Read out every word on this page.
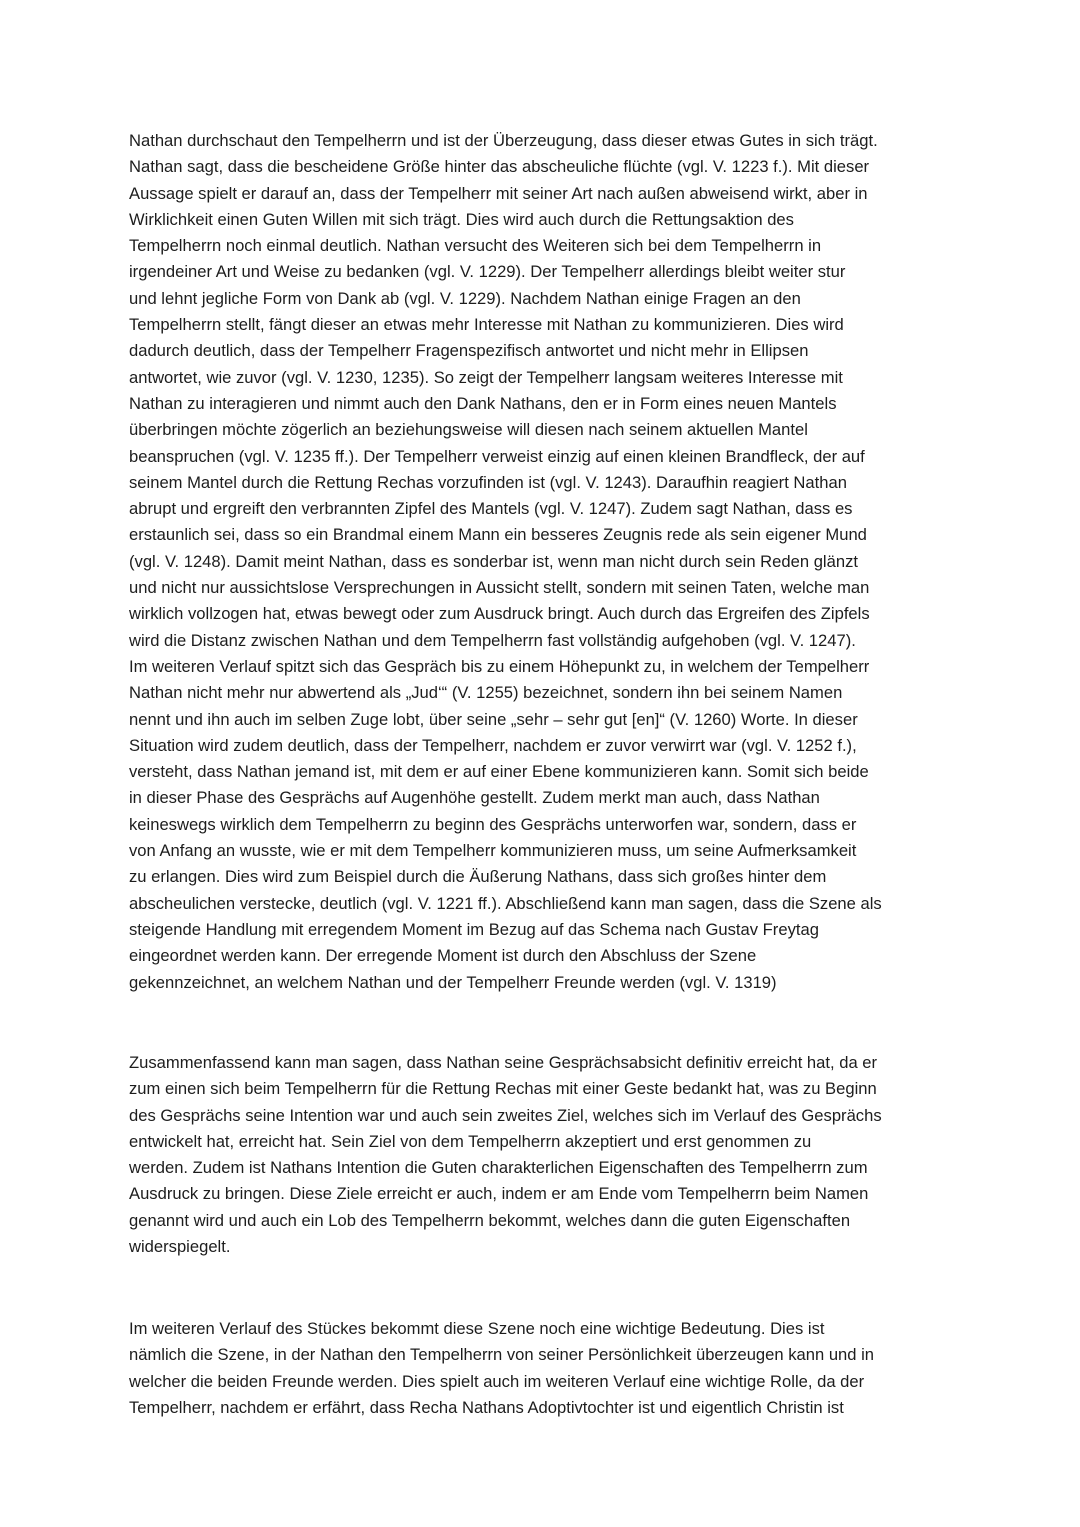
Nathan durchschaut den Tempelherrn und ist der Überzeugung, dass dieser etwas Gutes in sich trägt.
Nathan sagt, dass die bescheidene Größe hinter das abscheuliche flüchte (vgl. V. 1223 f.). Mit dieser
Aussage spielt er darauf an, dass der Tempelherr mit seiner Art nach außen abweisend wirkt, aber in
Wirklichkeit einen Guten Willen mit sich trägt. Dies wird auch durch die Rettungsaktion des
Tempelherrn noch einmal deutlich. Nathan versucht des Weiteren sich bei dem Tempelherrn in
irgendeiner Art und Weise zu bedanken (vgl. V. 1229). Der Tempelherr allerdings bleibt weiter stur
und lehnt jegliche Form von Dank ab (vgl. V. 1229). Nachdem Nathan einige Fragen an den
Tempelherrn stellt, fängt dieser an etwas mehr Interesse mit Nathan zu kommunizieren. Dies wird
dadurch deutlich, dass der Tempelherr Fragenspezifisch antwortet und nicht mehr in Ellipsen
antwortet, wie zuvor (vgl. V. 1230, 1235). So zeigt der Tempelherr langsam weiteres Interesse mit
Nathan zu interagieren und nimmt auch den Dank Nathans, den er in Form eines neuen Mantels
überbringen möchte zögerlich an beziehungsweise will diesen nach seinem aktuellen Mantel
beanspruchen (vgl. V. 1235 ff.). Der Tempelherr verweist einzig auf einen kleinen Brandfleck, der auf
seinem Mantel durch die Rettung Rechas vorzufinden ist (vgl. V. 1243). Daraufhin reagiert Nathan
abrupt und ergreift den verbrannten Zipfel des Mantels (vgl. V. 1247). Zudem sagt Nathan, dass es
erstaunlich sei, dass so ein Brandmal einem Mann ein besseres Zeugnis rede als sein eigener Mund
(vgl. V. 1248). Damit meint Nathan, dass es sonderbar ist, wenn man nicht durch sein Reden glänzt
und nicht nur aussichtslose Versprechungen in Aussicht stellt, sondern mit seinen Taten, welche man
wirklich vollzogen hat, etwas bewegt oder zum Ausdruck bringt. Auch durch das Ergreifen des Zipfels
wird die Distanz zwischen Nathan und dem Tempelherrn fast vollständig aufgehoben (vgl. V. 1247).
Im weiteren Verlauf spitzt sich das Gespräch bis zu einem Höhepunkt zu, in welchem der Tempelherr
Nathan nicht mehr nur abwertend als „Jud‘“ (V. 1255) bezeichnet, sondern ihn bei seinem Namen
nennt und ihn auch im selben Zuge lobt, über seine „sehr – sehr gut [en]“ (V. 1260) Worte. In dieser
Situation wird zudem deutlich, dass der Tempelherr, nachdem er zuvor verwirrt war (vgl. V. 1252 f.),
versteht, dass Nathan jemand ist, mit dem er auf einer Ebene kommunizieren kann. Somit sich beide
in dieser Phase des Gesprächs auf Augenhöhe gestellt. Zudem merkt man auch, dass Nathan
keineswegs wirklich dem Tempelherrn zu beginn des Gesprächs unterworfen war, sondern, dass er
von Anfang an wusste, wie er mit dem Tempelherr kommunizieren muss, um seine Aufmerksamkeit
zu erlangen. Dies wird zum Beispiel durch die Äußerung Nathans, dass sich großes hinter dem
abscheulichen verstecke, deutlich (vgl. V. 1221 ff.). Abschließend kann man sagen, dass die Szene als
steigende Handlung mit erregendem Moment im Bezug auf das Schema nach Gustav Freytag
eingeordnet werden kann. Der erregende Moment ist durch den Abschluss der Szene
gekennzeichnet, an welchem Nathan und der Tempelherr Freunde werden (vgl. V. 1319)
Zusammenfassend kann man sagen, dass Nathan seine Gesprächsabsicht definitiv erreicht hat, da er
zum einen sich beim Tempelherrn für die Rettung Rechas mit einer Geste bedankt hat, was zu Beginn
des Gesprächs seine Intention war und auch sein zweites Ziel, welches sich im Verlauf des Gesprächs
entwickelt hat, erreicht hat. Sein Ziel von dem Tempelherrn akzeptiert und erst genommen zu
werden. Zudem ist Nathans Intention die Guten charakterlichen Eigenschaften des Tempelherrn zum
Ausdruck zu bringen. Diese Ziele erreicht er auch, indem er am Ende vom Tempelherrn beim Namen
genannt wird und auch ein Lob des Tempelherrn bekommt, welches dann die guten Eigenschaften
widerspiegelt.
Im weiteren Verlauf des Stückes bekommt diese Szene noch eine wichtige Bedeutung. Dies ist
nämlich die Szene, in der Nathan den Tempelherrn von seiner Persönlichkeit überzeugen kann und in
welcher die beiden Freunde werden. Dies spielt auch im weiteren Verlauf eine wichtige Rolle, da der
Tempelherr, nachdem er erfährt, dass Recha Nathans Adoptivtochter ist und eigentlich Christin ist
